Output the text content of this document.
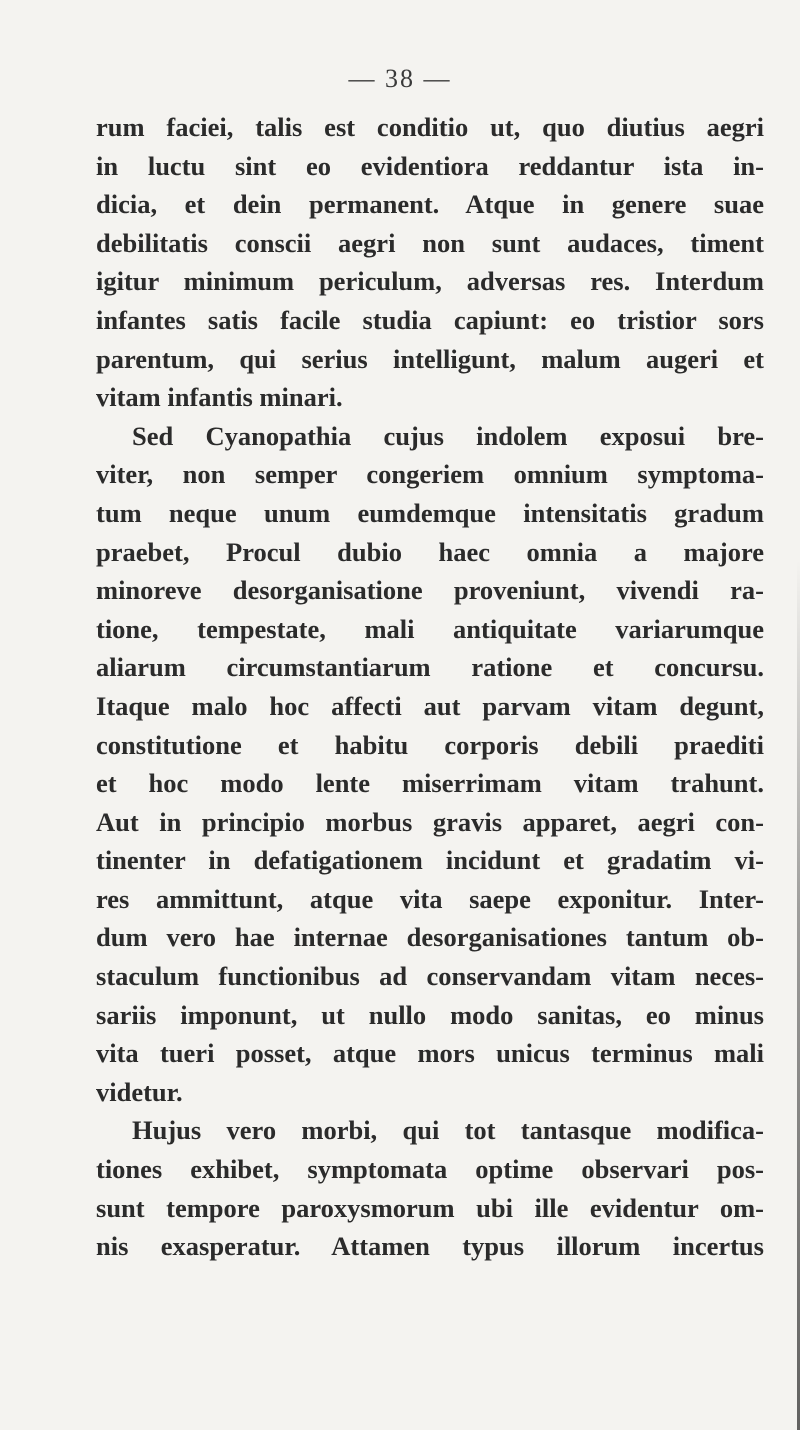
— 38 —
rum faciei, talis est conditio ut, quo diutius aegri
in luctu sint eo evidentiora reddantur ista in-
dicia, et dein permanent. Atque in genere suae
debilitatis conscii aegri non sunt audaces, timent
igitur minimum periculum, adversas res. Interdum
infantes satis facile studia capiunt: eo tristior sors
parentum, qui serius intelligunt, malum augeri et
vitam infantis minari.
Sed Cyanopathia cujus indolem exposui bre-
viter, non semper congeriem omnium symptoma-
tum neque unum eumdemque intensitatis gradum
praebet, Procul dubio haec omnia a majore
minoreve desorganisatione proveniunt, vivendi ra-
tione, tempestate, mali antiquitate variarumque
aliarum circumstantiarum ratione et concursu.
Itaque malo hoc affecti aut parvam vitam degunt,
constitutione et habitu corporis debili praediti
et hoc modo lente miserrimam vitam trahunt.
Aut in principio morbus gravis apparet, aegri con-
tinenter in defatigationem incidunt et gradatim vi-
res ammittunt, atque vita saepe exponitur. Inter-
dum vero hae internae desorganisationes tantum ob-
staculum functionibus ad conservandam vitam neces-
sariis imponunt, ut nullo modo sanitas, eo minus
vita tueri posset, atque mors unicus terminus mali
videtur.
Hujus vero morbi, qui tot tantasque modifica-
tiones exhibet, symptomata optime observari pos-
sunt tempore paroxysmorum ubi ille evidentur om-
nis exasperatur. Attamen typus illorum incertus
